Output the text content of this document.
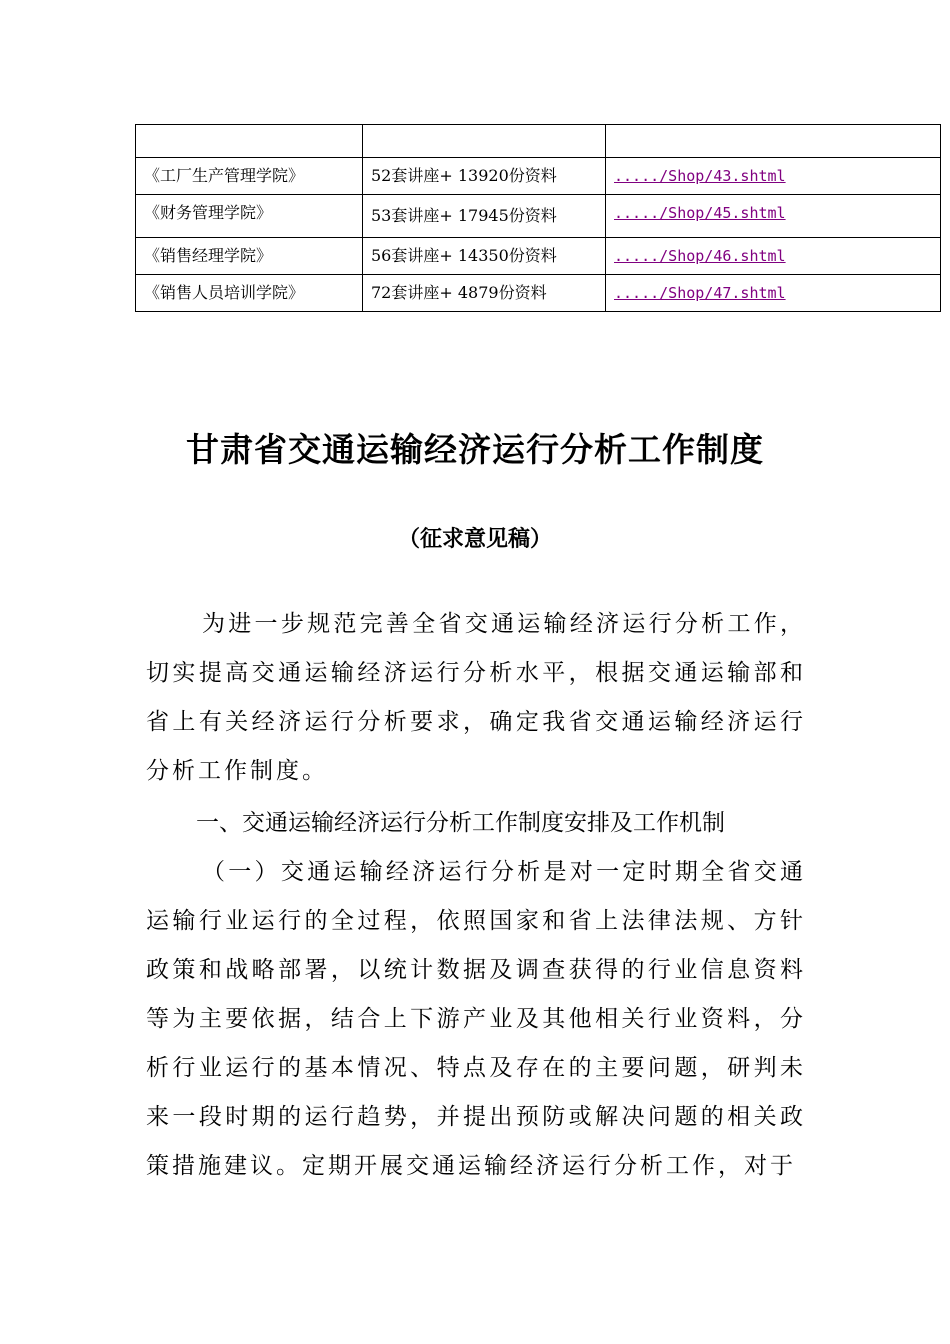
《工厂生产管理学院》	52套讲座+ 13920份资料	...../Shop/43.shtml
《财务管理学院》	53套讲座+ 17945份资料	...../Shop/45.shtml
《销售经理学院》	56套讲座+ 14350份资料	...../Shop/46.shtml
《销售人员培训学院》	72套讲座+ 4879份资料	...../Shop/47.shtml
甘肃省交通运输经济运行分析工作制度
（征求意见稿）
为进一步规范完善全省交通运输经济运行分析工作，切实提高交通运输经济运行分析水平，根据交通运输部和省上有关经济运行分析要求，确定我省交通运输经济运行分析工作制度。
一、交通运输经济运行分析工作制度安排及工作机制
（一）交通运输经济运行分析是对一定时期全省交通运输行业运行的全过程，依照国家和省上法律法规、方针政策和战略部署，以统计数据及调查获得的行业信息资料等为主要依据，结合上下游产业及其他相关行业资料，分析行业运行的基本情况、特点及存在的主要问题，研判未来一段时期的运行趋势，并提出预防或解决问题的相关政策措施建议。定期开展交通运输经济运行分析工作，对于
